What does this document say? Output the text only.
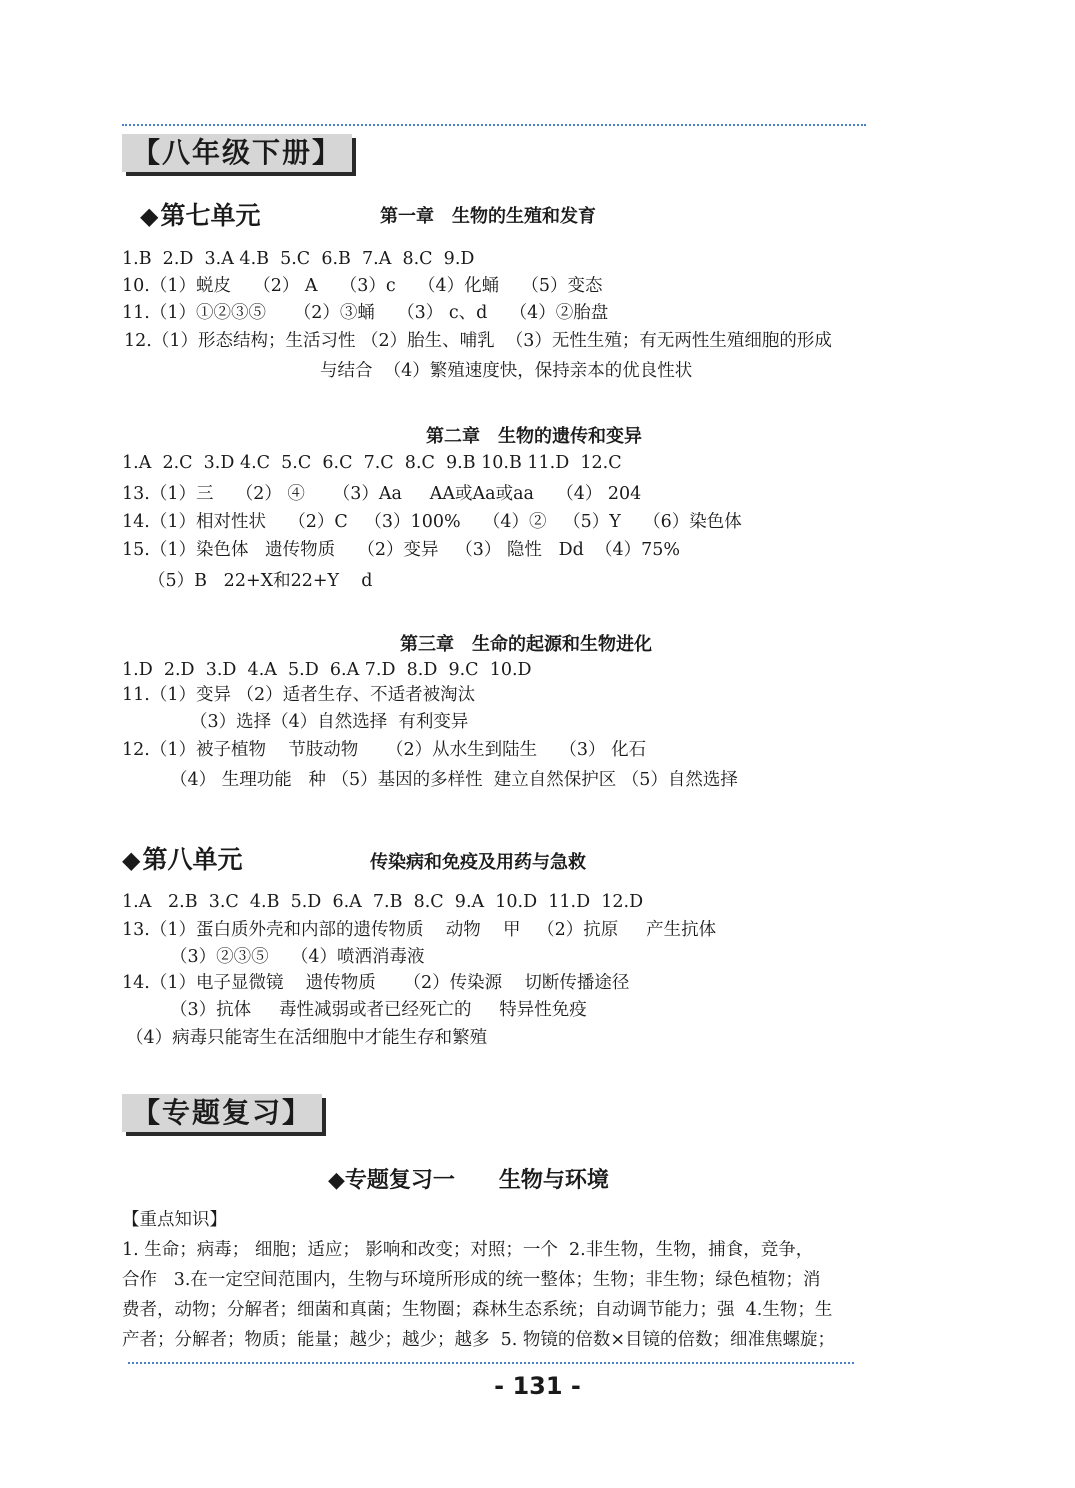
【八年级下册】
◆第七单元	第一章　生物的生殖和发育
1.B  2.D  3.A 4.B  5.C  6.B  7.A  8.C  9.D
10.（1）蜕皮    （2） A    （3）c    （4）化蛹    （5）变态
11.（1）①②③⑤     （2）③蛹    （3） c、d    （4）②胎盘
12.（1）形态结构；生活习性 （2）胎生、哺乳  （3）无性生殖；有无两性生殖细胞的形成
与结合  （4）繁殖速度快，保持亲本的优良性状
第二章　生物的遗传和变异
1.A  2.C  3.D 4.C  5.C  6.C  7.C  8.C  9.B 10.B 11.D  12.C
13.（1）三    （2） ④     （3）Aa     AA或Aa或aa    （4） 204
14.（1）相对性状    （2）C   （3）100%    （4）②   （5）Y    （6）染色体
15.（1）染色体   遗传物质    （2）变异   （3） 隐性   Dd  （4）75%
（5）B   22+X和22+Y    d
第三章　生命的起源和生物进化
1.D  2.D  3.D  4.A  5.D  6.A 7.D  8.D  9.C  10.D
11.（1）变异 （2）适者生存、不适者被淘汰
（3）选择（4）自然选择  有利变异
12.（1）被子植物    节肢动物     （2）从水生到陆生    （3） 化石
（4） 生理功能   种 （5）基因的多样性  建立自然保护区 （5）自然选择
◆第八单元	传染病和免疫及用药与急救
1.A   2.B  3.C  4.B  5.D  6.A  7.B  8.C  9.A  10.D  11.D  12.D
13.（1）蛋白质外壳和内部的遗传物质    动物    甲   （2）抗原     产生抗体
（3）②③⑤    （4）喷洒消毒液
14.（1）电子显微镜    遗传物质     （2）传染源    切断传播途径
（3）抗体     毒性减弱或者已经死亡的     特异性免疫
（4）病毒只能寄生在活细胞中才能生存和繁殖
【专题复习】
◆专题复习一　　生物与环境
【重点知识】
1. 生命；病毒； 细胞；适应； 影响和改变；对照；一个  2.非生物，生物，捕食，竞争，
合作   3.在一定空间范围内，生物与环境所形成的统一整体；生物；非生物；绿色植物；消
费者，动物；分解者；细菌和真菌；生物圈；森林生态系统；自动调节能力；强  4.生物；生
产者；分解者；物质；能量；越少；越少；越多  5. 物镜的倍数×目镜的倍数；细准焦螺旋；
- 131 -
